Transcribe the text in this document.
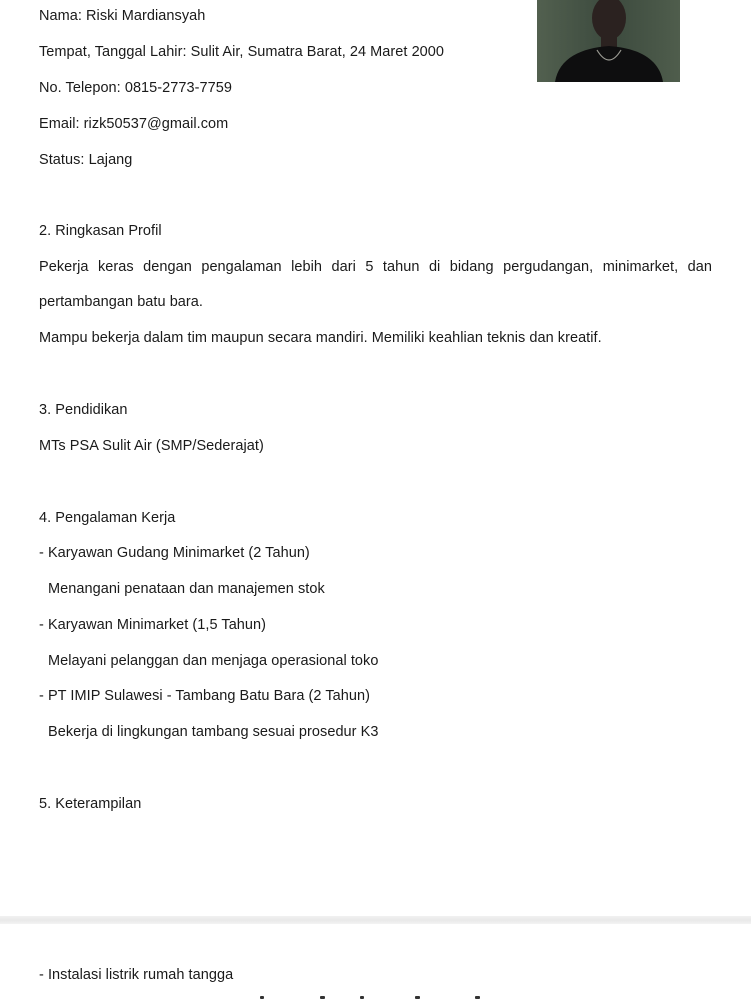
Nama: Riski Mardiansyah
Tempat, Tanggal Lahir: Sulit Air, Sumatra Barat, 24 Maret 2000
No. Telepon: 0815-2773-7759
Email: rizk50537@gmail.com
Status: Lajang
2. Ringkasan Profil
Pekerja keras dengan pengalaman lebih dari 5 tahun di bidang pergudangan, minimarket, dan
pertambangan batu bara.
Mampu bekerja dalam tim maupun secara mandiri. Memiliki keahlian teknis dan kreatif.
3. Pendidikan
MTs PSA Sulit Air (SMP/Sederajat)
4. Pengalaman Kerja
- Karyawan Gudang Minimarket (2 Tahun)
Menangani penataan dan manajemen stok
- Karyawan Minimarket (1,5 Tahun)
Melayani pelanggan dan menjaga operasional toko
- PT IMIP Sulawesi - Tambang Batu Bara (2 Tahun)
Bekerja di lingkungan tambang sesuai prosedur K3
5. Keterampilan
- Instalasi listrik rumah tangga
